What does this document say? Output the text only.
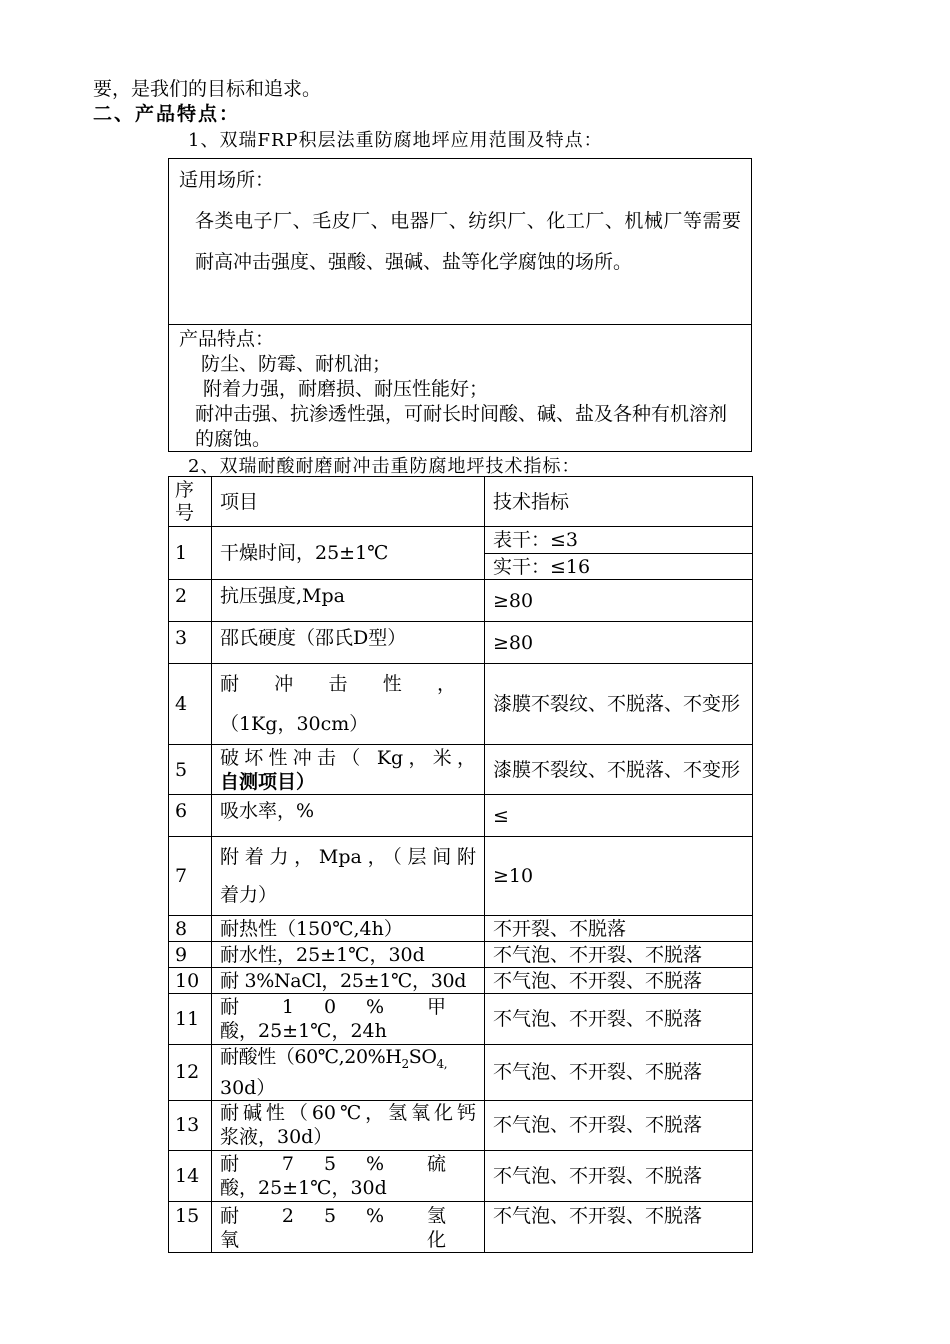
要，是我们的目标和追求。
二、产品特点：
1、双瑞FRP积层法重防腐地坪应用范围及特点：
适用场所：
各类电子厂、毛皮厂、电器厂、纺织厂、化工厂、机械厂等需要耐高冲击强度、强酸、强碱、盐等化学腐蚀的场所。
产品特点：
防尘、防霉、耐机油；
附着力强，耐磨损、耐压性能好；
耐冲击强、抗渗透性强，可耐长时间酸、碱、盐及各种有机溶剂的腐蚀。
2、双瑞耐酸耐磨耐冲击重防腐地坪技术指标：
序号	项目	技术指标
1	干燥时间，25±1℃	表干：≤3
		实干：≤16
2	抗压强度,Mpa	≥80
3	邵氏硬度（邵氏D型）	≥80
4	耐冲击性，
（1Kg，30cm）	漆膜不裂纹、不脱落、不变形
5	破坏性冲击（ Kg，米，
自测项目）	漆膜不裂纹、不脱落、不变形
6	吸水率，%	≤
7	附着力，Mpa，（层间附
着力）	≥10
8	耐热性（150℃,4h）	不开裂、不脱落
9	耐水性，25±1℃，30d	不气泡、不开裂、不脱落
10	耐 3%NaCl，25±1℃，30d	不气泡、不开裂、不脱落
11	耐10%甲
酸，25±1℃，24h	不气泡、不开裂、不脱落
12	耐酸性（$60℃,20\%H_2SO_{4,}$
30d）	不气泡、不开裂、不脱落
13	耐碱性（60℃，氢氧化钙
浆液，30d）	不气泡、不开裂、不脱落
14	耐75%硫
酸，25±1℃，30d	不气泡、不开裂、不脱落
15	耐25%氢氧化	不气泡、不开裂、不脱落
